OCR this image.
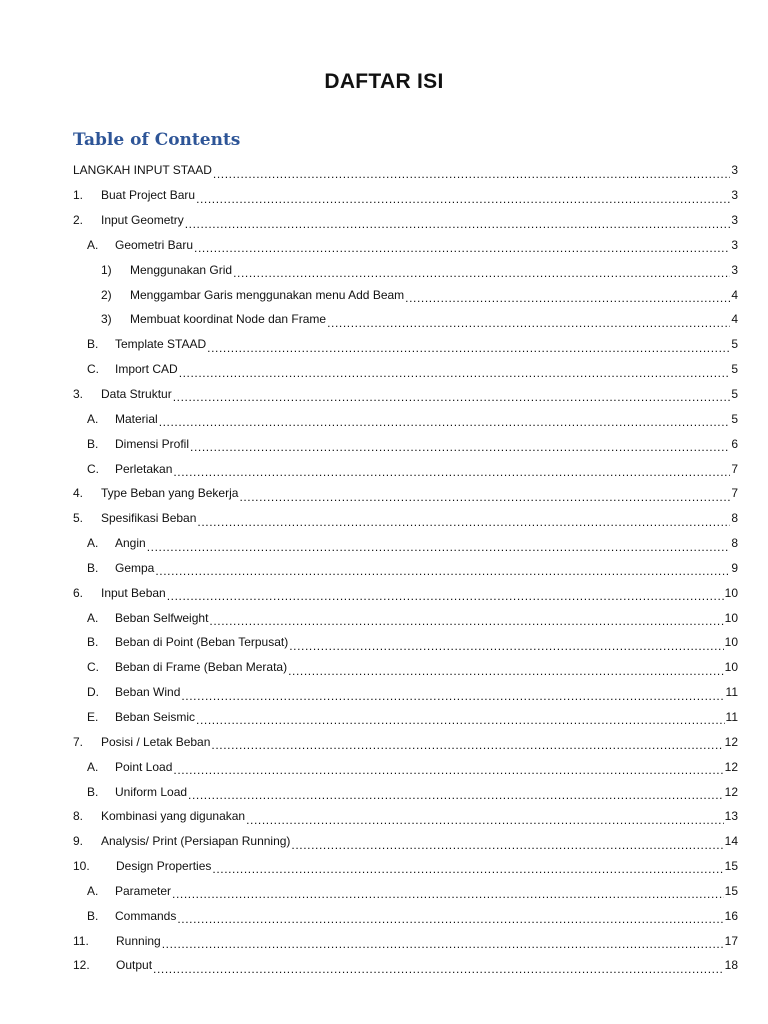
DAFTAR ISI
Table of Contents
LANGKAH INPUT STAAD .....	3
1.	Buat Project Baru .....	3
2.	Input Geometry .....	3
A.	Geometri Baru .....	3
1)	Menggunakan Grid .....	3
2)	Menggambar Garis menggunakan menu Add Beam .....	4
3)	Membuat koordinat Node dan Frame .....	4
B.	Template STAAD .....	5
C.	Import CAD .....	5
3.	Data Struktur .....	5
A.	Material .....	5
B.	Dimensi Profil .....	6
C.	Perletakan .....	7
4.	Type Beban yang Bekerja .....	7
5.	Spesifikasi Beban .....	8
A.	Angin .....	8
B.	Gempa .....	9
6.	Input Beban .....	10
A.	Beban Selfweight .....	10
B.	Beban di Point (Beban Terpusat) .....	10
C.	Beban di Frame (Beban Merata) .....	10
D.	Beban Wind .....	11
E.	Beban Seismic .....	11
7.	Posisi / Letak Beban .....	12
A.	Point Load .....	12
B.	Uniform Load .....	12
8.	Kombinasi yang digunakan .....	13
9.	Analysis/ Print (Persiapan Running) .....	14
10.	Design Properties .....	15
A.	Parameter .....	15
B.	Commands .....	16
11.	Running .....	17
12.	Output .....	18
